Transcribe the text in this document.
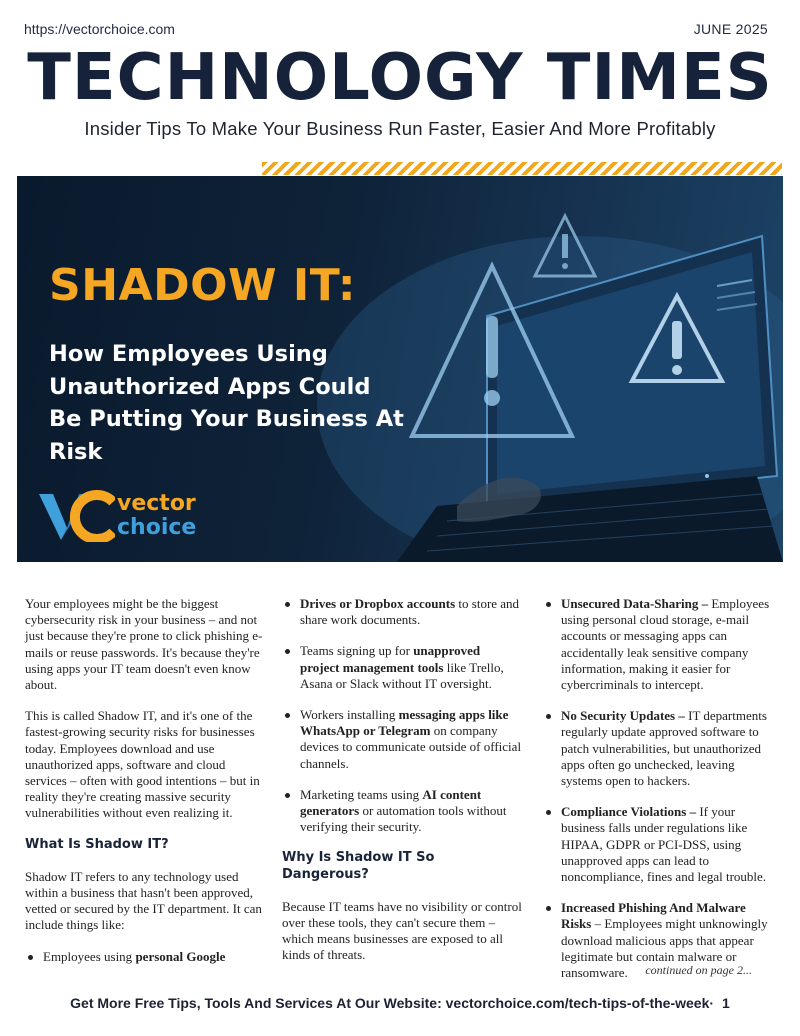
https://vectorchoice.com	JUNE 2025
TECHNOLOGY TIMES
Insider Tips To Make Your Business Run Faster, Easier And More Profitably
SHADOW IT:
How Employees Using Unauthorized Apps Could Be Putting Your Business At Risk
vector
choice

Your employees might be the biggest cybersecurity risk in your business – and not just because they're prone to click phishing e-mails or reuse passwords. It's because they're using apps your IT team doesn't even know about.

This is called Shadow IT, and it's one of the fastest-growing security risks for businesses today. Employees download and use unauthorized apps, software and cloud services – often with good intentions – but in reality they're creating massive security vulnerabilities without even realizing it.

What Is Shadow IT?

Shadow IT refers to any technology used within a business that hasn't been approved, vetted or secured by the IT department. It can include things like:

Employees using personal Google
Drives or Dropbox accounts to store and share work documents.
Teams signing up for unapproved project management tools like Trello, Asana or Slack without IT oversight.
Workers installing messaging apps like WhatsApp or Telegram on company devices to communicate outside of official channels.
Marketing teams using AI content generators or automation tools without verifying their security.
Why Is Shadow IT So Dangerous?

Because IT teams have no visibility or control over these tools, they can't secure them – which means businesses are exposed to all kinds of threats.

Unsecured Data-Sharing – Employees using personal cloud storage, e-mail accounts or messaging apps can accidentally leak sensitive company information, making it easier for cybercriminals to intercept.
No Security Updates – IT departments regularly update approved software to patch vulnerabilities, but unauthorized apps often go unchecked, leaving systems open to hackers.
Compliance Violations – If your business falls under regulations like HIPAA, GDPR or PCI-DSS, using unapproved apps can lead to noncompliance, fines and legal trouble.
Increased Phishing And Malware Risks – Employees might unknowingly download malicious apps that appear legitimate but contain malware or ransomware.	continued on page 2...
Get More Free Tips, Tools And Services At Our Website: vectorchoice.com/tech-tips-of-the-week· 1
